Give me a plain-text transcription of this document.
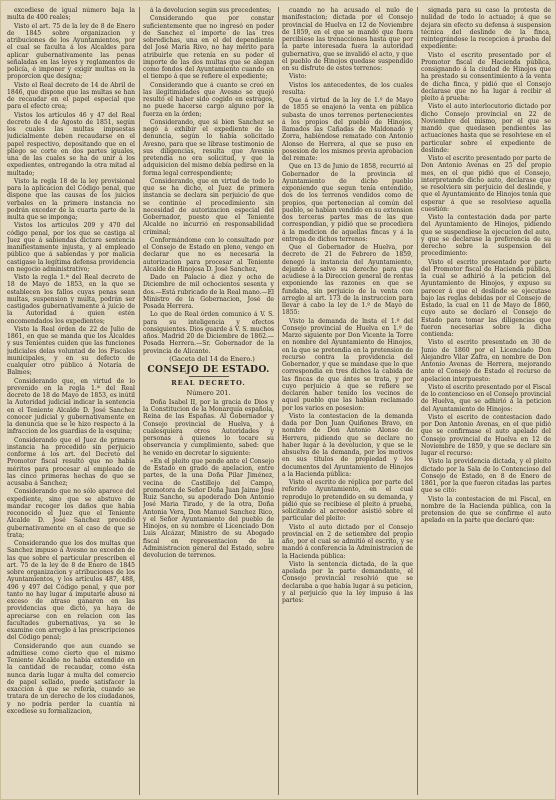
excediese de igual número baja la multa de 400 reales;

Visto el art. 75 de la ley de 8 de Enero de 1845 sobre organizacion y atribuciones de los Ayuntamientos, por el cual se faculta á los Alcaldes para aplicar gubernativamente las penas señaladas en las leyes y reglamentos de policía, é imponer y exigir multas en la proporcion que designa;

Visto el Real decreto de 14 de Abril de 1846, que dispone que las multas se han de recaudar en el papel especial que para el efecto crea;

Vistos los artículos 46 y 47 del Real decreto de 4 de Agosto de 1851, según los cuales las multas impuestas judicialmente deben recaudarse en el papel respectivo, depositando que en el pliego se corte en dos partes iguales, una de las cuales se ha de unir á los expedientes, entregando la otra mitad al multado;

Visto la regla 18 de la ley provisional para la aplicacion del Código penal, que dispone que las causas de los juicios verbales en la primera instancia no podrán exceder de la cuarta parte de la multa que se imponga;

Vistos los artículos 209 y 470 del código penal, por los que se castiga al Juez que á sabiendas dictare sentencia manifiestamente injusta, y al empleado público que á sabiendas y por malicia castigase la legítima defensa providencia en negocio administrativo;

Visto la regla 1.ª del Real decreto de 18 de Mayo de 1853, en la que se establecen los fallos cuyas penas sean multas, suspension y multa, podrán ser castigados gubernativamente á juicio de la Autoridad á quien estén encomendados los expedientes;

Visto la Real órden de 22 de Julio de 1861, en que se manda que los Alcaldes y sus Tenientes cuiden que las funciones judiciales delas voluntad de los Fiscales municipales, y en su defecto de cualquier otro público á Notaría de Balmes;

Considerando que, en virtud de lo prevenido en la regla 1.ª del Real decreto de 18 de Mayo de 1853, es inútil la Autoridad judicial indicar la sentencia en el Teniente Alcalde D. José Sanchez conocer judicial y gubernativamente en la denuncia que se le hizo respecto á la infraccion de los guardias de la esquina;

Considerando que el Juez de primera instancia ha procedido sin perjuicio conforme á los art. del Decreto del Promotor fiscal resultó que no había méritos para procesar al empleado de las cinco primeras hechas de que se acusaba á Sanchez;

Considerando que no sólo aparece del expediente, sino que se abstuvo de mandar recoger los daños que había reconocido el Juez que el Teniente Alcalde D. José Sanchez procedió gubernativamente en el caso de que se trata;

Considerando que los dos multas que Sanchez impuso á Avesno no exceden de las que sobre el particular prescriben el art. 75 de la ley de 8 de Enero de 1845 sobre organizacion y atribuciones de los Ayuntamientos, y los artículos 487, 488, 496 y 497 del Código penal, y que por tanto no hay lugar á imputarle abuso ni exceso de atraso ganaron en las providencias que dictó, ya haya de apreciarse con en relacion con las facultades gubernativas, ya se le examine con arreglo á las prescripciones del Código penal;

Considerando que aun cuando se admitiese como cierto que el mismo Teniente Alcalde no había extendido en la cantidad de recaudar, como ésta nunca daría lugar á multa del comercio de papel sellado, puede satisfacer la exaccion á que se refería, cuando se tratara de un derecho de los ciudadanos, y no podría perder la cuantía ni excediese su formalizacion,

á la devolucion según sus precedentes;

Considerando que por constar suficientemente que no ingresó en poder de Sanchez el importe de las tres sobredichas, una en el del dependiente del José María Rivo, no hay mérito para atribuirle que retenía en su poder el importe de las dos multas que se alegan como fondos del Ayuntamiento cuando en el tiempo á que se refiere el expediente;

Considerando que á cuanto se creó en las ilegitimidades que Avesno se quejó resultó el haber sido cogido en estragos, no puede hacerse cargo alguno por la fuerza en la órden;

Considerando, que si bien Sanchez se negó á exhibir el expediente de la denuncia, según lo había solicitado Avesno, para que se librase testimonio de sus diligencias, resulta que Avesnio pretendía no era solicitud, y que la adquisicion del mismo debía pedirse en la forma legal correspondiente;

Considerando, que en virtud de todo lo que se ha dicho, el Juez de primera instancia se declara sin perjuicio de que se continúe el procedimiento sin necesidad de autorizacion especial del Gobernador, puesto que el Teniente Alcalde no incurrió en responsabilidad criminal;

Conformándome con lo consultado por el Consejo de Estado en pleno, vengo en declarar que no es necesaria la autorizacion para procesar al Teniente Alcalde de Hinojosa D. José Sanchez,

Dado en Palacio á diez y ocho de Diciembre de mil ochocientos sesenta y dos.—Está rubricado de la Real mano.—El Ministro de la Gobernacion, José de Posada Herrera.

Lo que de Real órden comunico á V. S. para su inteligencia y efectos consiguientes. Dios guarde á V. S. muchos años. Madrid 20 de Diciembre de 1862.—Posada Herrera.—Sr. Gobernador de la provincia de Alicante.

(Gaceta del 14 de Enero.)

CONSEJO DE ESTADO.
REAL DECRETO.
Número 201.

Doña Isabel II, por la gracia de Dios y la Constitucion de la Monarquía española, Reina de las Españas. Al Gobernador y Consejo provincial de Huelva, y á cualesquiera otros Autoridades y personas á quienes lo tocare su observancia y cumplimiento, sabed: que he venido en decretar lo siguiente:

«En el pleito que pende ante el Consejo de Estado en grado de apelacion, entre partes, de la una Doña Pilar Jiménez, vecina de Castillejo del Campo, promotora de Señor Doña Juan Jaime José Ruiz Sancho, su apoderado Don Antonio José Maria Tirado, y de la otra, Doña Antonia Vera, Don Manuel Sanchez Rico, y el Señor Ayuntamiento del pueblo de Hinojos, en su nombre el Licenciado Don Luis Alcázar, Ministro de su Abogado fiscal en representacion de la Administracion general del Estado, sobre devolucion de terrenos.

cuando no ha acusado el nulo de manifestacion; dictada por el Consejo provincial de Huelva en 12 de Noviembre de 1859, en el que se mandó que fuera percibiese las trenacciones hasta que por la parte interesada fuera la autoridad gubernativa, que se invalidó el acto, y que el pueblo de Hinojos quedase suspendido en su disfrute de estos terrenos:

Visto:

Vistos los antecedentes, de los cuales resulta:

Que á virtud de la ley de 1.º de Mayo de 1855 se enajenó la venta en pública subasta de unos terrenos pertenecientes á los propios del pueblo de Hinojos, llamados las Cañadas de Maldonado y Zorra, habiéndose rematado con Antonio Alonso de Herrera, al que se puso en posesion de los mismos previa aprobacion del remate:

Que en 13 de Junio de 1858, recurrió al Gobernador de la provincia el Ayuntamiento de dicho pueblo exponiendo que segun tenía entendido, dos de los terrenos vendidos como de propios, que pertenecian al común del pueblo, se habian vendido en su extension dos terceras partes mas de las que correspondian, y pidió que se procediera á la medicion de aquellas fincas y á la entrega de dichos terrenos:

Que el Gobernador de Huelva, por decreto de 21 de Febrero de 1859, denegó la instancia del Ayuntamiento, dejando á salvo su derecho para que acudiese á la Direccion general de rentas exponiendo las razones en que se fundaba, sin perjuicio de la venta con arreglo al art. 173 de la instruccion para llevar á cabo la ley de 1.º de Mayo de 1855:

Visto la demanda de lnsta el 1.º del Consejo provincial de Huelva en 1.º de Marzo siguiente por Don Vicente la Torre en nombre del Ayuntamiento de Hinojos, en la que se pretendia en la pretension de recurso contra la providencia del Gobernador, y que se mandase que lo que correspondia en tres dichos la cabida de las fincas de que ántes se trata, y por cuyo perjuicio á que se refiere se declaren haber tenido los vecinos de aquel pueblo que las habian reclamado por los varios en posesion:

Visto la contestacion de la demanda dada por Don Juan Quiñones Bravo, en nombre de Don Antonio Alonso de Herrera, pidiendo que se declare no haber lugar á la devolucion, y que se le absuelva de la demanda, por los motivos en sus títulos de propiedad y los documentos del Ayuntamiento de Hinojos a la Hacienda pública:

Visto el escrito de réplica por parte del referido Ayuntamiento, en el cual reprodujo lo pretendido en su demanda, y pidió que se recibiese el pleito á prueba, solicitando al acreedor asistió sobre el particular del pleito:

Visto el auto dictado por el Consejo provincial en 2 de setiembre del propio año, por el cual se admitió el escrito, y se mandó á conferencia la Administracion de la Hacienda pública:

Visto la sentencia dictada, de la que apelada por la parte demandante, el Consejo provincial resolvió que se declaraba a que había lugar á su peticion, y al perjuicio que la ley impuso á las partes:

signada para su caso la protesta de nulidad de todo lo actuado; á que se dejara sin efecto su defensa á suspension técnica del deslinde de la finca, reintegrándose la recepcion á prueba del expediente:

Visto el escrito presentado por el Promotor fiscal de Hacienda pública, consignando á la ciudad de Hinojos que ha prestado su consentimiento á la venta de dicha finca, y pidió que el Consejo declarase que no ha lugar á recibir el pleito á prueba:

Visto el auto interlocutorio dictado por dicho Consejo provincial en 22 de Noviembre del mismo, por el que se mandó que quedasen pendientes las actuaciones hasta que se resolviese en el particular sobre el expediente de deslinde:

Visto el escrito presentado por parte de Don Antonio Avenas en 25 del propio mes, en el que pidió que el Consejo, interpretando dicho auto, declarase que se resolviera sin perjuicio del deslinde, y que el Ayuntamiento de Hinojos tenía que esperar á que se resolviese aquella cuestión:

Visto la contestación dada por parte del Ayuntamiento de Hinojos, pidiendo que se suspendiese la ejecucion del auto, y que se declarase la preferencia de su derecho sobre la suspension del procedimiento:

Visto el escrito presentado por parte del Promotor fiscal de Hacienda pública, la cual se adhirió á la peticion del Ayuntamiento de Hinojos, y expuso su parecer á que el deslinde se ejecutase bajo las reglas debidas por el Consejo de Estado, la cual en 11 de Mayo de 1860, cuyo auto se declaró el Consejo de Estado para tomar las diligencias que fueron necesarias sobre la dicha contienda:

Visto el escrito presentado en 30 de Junio de 1860 por el Licenciado Don Alejandro Vilar Zafra, en nombre de Don Antonio Avenas de Herrera, mejorando ante el Consejo de Estado el recurso de apelacion interpuesto:

Visto el escrito presentado por el Fiscal de lo contencioso en el Consejo provincial de Huelva, que se adhirió á la peticion del Ayuntamiento de Hinojos:

Visto el escrito de contestacion dado por Don Antonio Avenas, en el que pidió que se confirmase el auto apelado del Consejo provincial de Huelva en 12 de Noviembre de 1859, y que se declare sin lugar el recurso:

Visto la providencia dictada, y el pleito dictado por la Sala de lo Contencioso del Consejo de Estado, en 8 de Enero de 1861, por la que fueron citadas las partes que se citó:

Visto la contestacion de mi Fiscal, en nombre de la Hacienda pública, con la pretension de que se confirme el auto apelado en la parte que declaró que:
